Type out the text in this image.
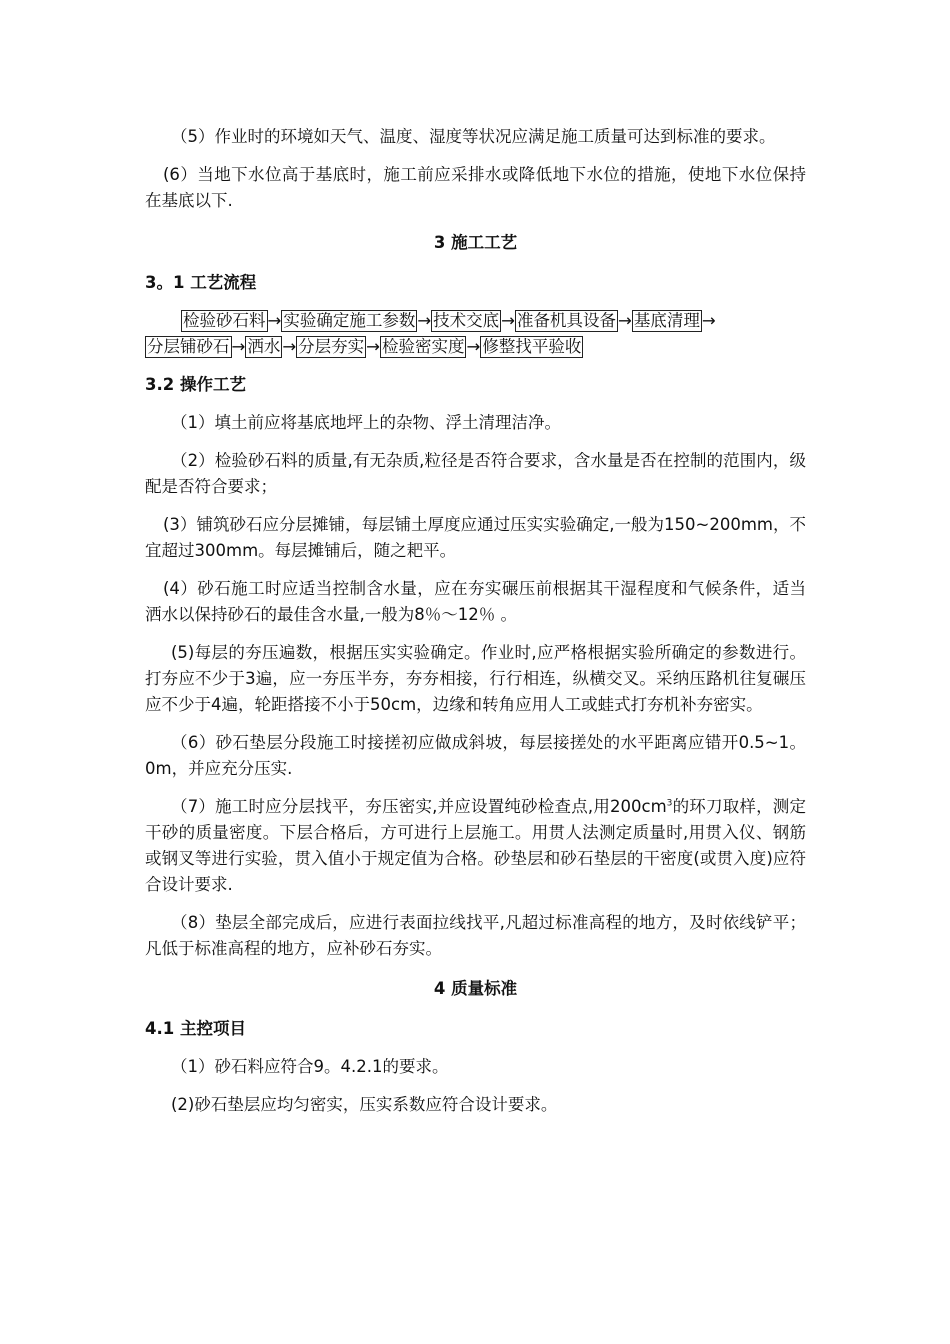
（5）作业时的环境如天气、温度、湿度等状况应满足施工质量可达到标准的要求。

(6）当地下水位高于基底时，施工前应采排水或降低地下水位的措施，使地下水位保持在基底以下.

3 施工工艺

3。1 工艺流程

检验砂石料 → 实验确定施工参数 → 技术交底 → 准备机具设备 → 基底清理 →
分层铺砂石 → 洒水 → 分层夯实 → 检验密实度 → 修整找平验收

3.2 操作工艺

（1）填土前应将基底地坪上的杂物、浮土清理洁净。

（2）检验砂石料的质量,有无杂质,粒径是否符合要求，含水量是否在控制的范围内，级配是否符合要求；

(3）铺筑砂石应分层摊铺，每层铺土厚度应通过压实实验确定,一般为150~200mm，不宜超过300mm。每层摊铺后，随之耙平。

(4）砂石施工时应适当控制含水量，应在夯实碾压前根据其干湿程度和气候条件，适当洒水以保持砂石的最佳含水量,一般为8％～12％ 。

(5)每层的夯压遍数，根据压实实验确定。作业时,应严格根据实验所确定的参数进行。打夯应不少于3遍，应一夯压半夯，夯夯相接，行行相连，纵横交叉。采纳压路机往复碾压应不少于4遍，轮距搭接不小于50cm，边缘和转角应用人工或蛙式打夯机补夯密实。

（6）砂石垫层分段施工时接搓初应做成斜坡，每层接搓处的水平距离应错开0.5~1。0m，并应充分压实.

（7）施工时应分层找平，夯压密实,并应设置纯砂检查点,用$200cm^3$的环刀取样，测定干砂的质量密度。下层合格后，方可进行上层施工。用贯人法测定质量时,用贯入仪、钢筋或钢叉等进行实验，贯入值小于规定值为合格。砂垫层和砂石垫层的干密度(或贯入度)应符合设计要求.

（8）垫层全部完成后，应进行表面拉线找平,凡超过标准高程的地方，及时依线铲平；凡低于标准高程的地方，应补砂石夯实。

4 质量标准

4.1 主控项目

（1）砂石料应符合9。4.2.1的要求。

(2)砂石垫层应均匀密实，压实系数应符合设计要求。
